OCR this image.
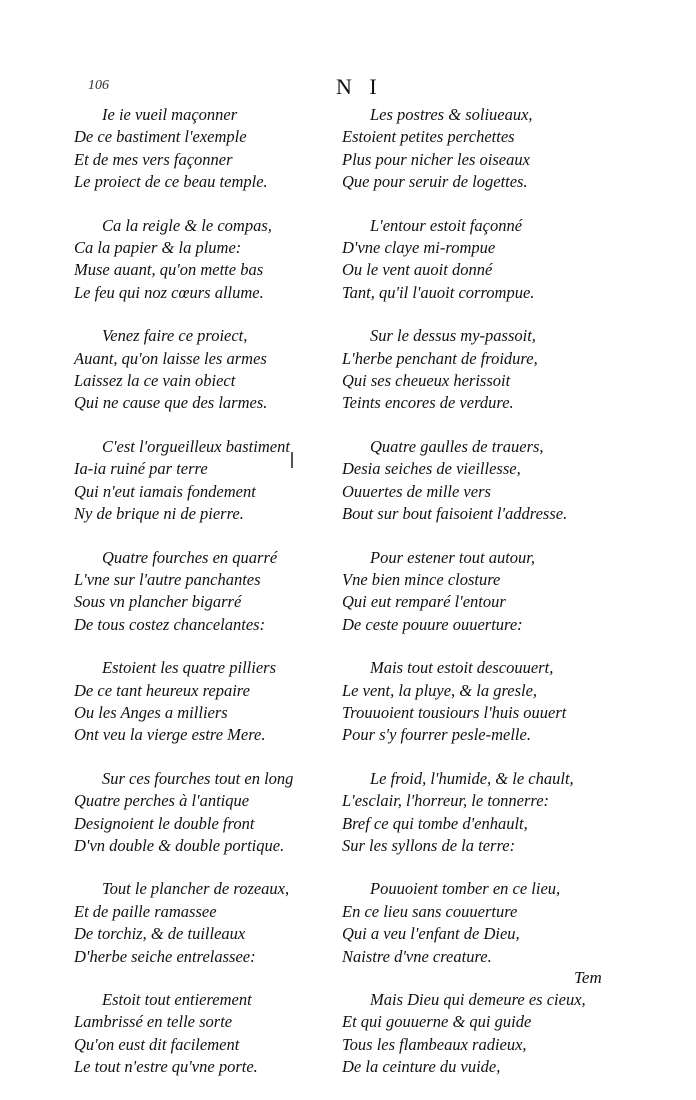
106	N I
Ie ie vueil maçonner
De ce bastiment l'exemple
Et de mes vers façonner
Le proiect de ce beau temple.
Ca la reigle & le compas,
Ca la papier & la plume:
Muse auant, qu'on mette bas
Le feu qui noz cœurs allume.
Venez faire ce proiect,
Auant, qu'on laisse les armes
Laissez la ce vain obiect
Qui ne cause que des larmes.
C'est l'orgueilleux bastiment
Ia-ia ruiné par terre
Qui n'eut iamais fondement
Ny de brique ni de pierre.
Quatre fourches en quarré
L'vne sur l'autre panchantes
Sous vn plancher bigarré
De tous costez chancelantes:
Estoient les quatre pilliers
De ce tant heureux repaire
Ou les Anges a milliers
Ont veu la vierge estre Mere.
Sur ces fourches tout en long
Quatre perches à l'antique
Designoient le double front
D'vn double & double portique.
Tout le plancher de rozeaux,
Et de paille ramassee
De torchiz, & de tuilleaux
D'herbe seiche entrelassee:
Estoit tout entierement
Lambrissé en telle sorte
Qu'on eust dit facilement
Le tout n'estre qu'vne porte.
Les postres & soliueaux,
Estoient petites perchettes
Plus pour nicher les oiseaux
Que pour seruir de logettes.
L'entour estoit façonné
D'vne claye mi-rompue
Ou le vent auoit donné
Tant, qu'il l'auoit corrompue.
Sur le dessus my-passoit,
L'herbe penchant de froidure,
Qui ses cheueux herissoit
Teints encores de verdure.
Quatre gaulles de trauers,
Desia seiches de vieillesse,
Ouuertes de mille vers
Bout sur bout faisoient l'addresse.
Pour estener tout autour,
Vne bien mince closture
Qui eut remparé l'entour
De ceste pouure ouuerture:
Mais tout estoit descouuert,
Le vent, la pluye, & la gresle,
Trouuoient tousiours l'huis ouuert
Pour s'y fourrer pesle-melle.
Le froid, l'humide, & le chault,
L'esclair, l'horreur, le tonnerre:
Bref ce qui tombe d'enhault,
Sur les syllons de la terre:
Pouuoient tomber en ce lieu,
En ce lieu sans couuerture
Qui a veu l'enfant de Dieu,
Naistre d'vne creature.
Mais Dieu qui demeure es cieux,
Et qui gouuerne & qui guide
Tous les flambeaux radieux,
De la ceinture du vuide,
Tem
